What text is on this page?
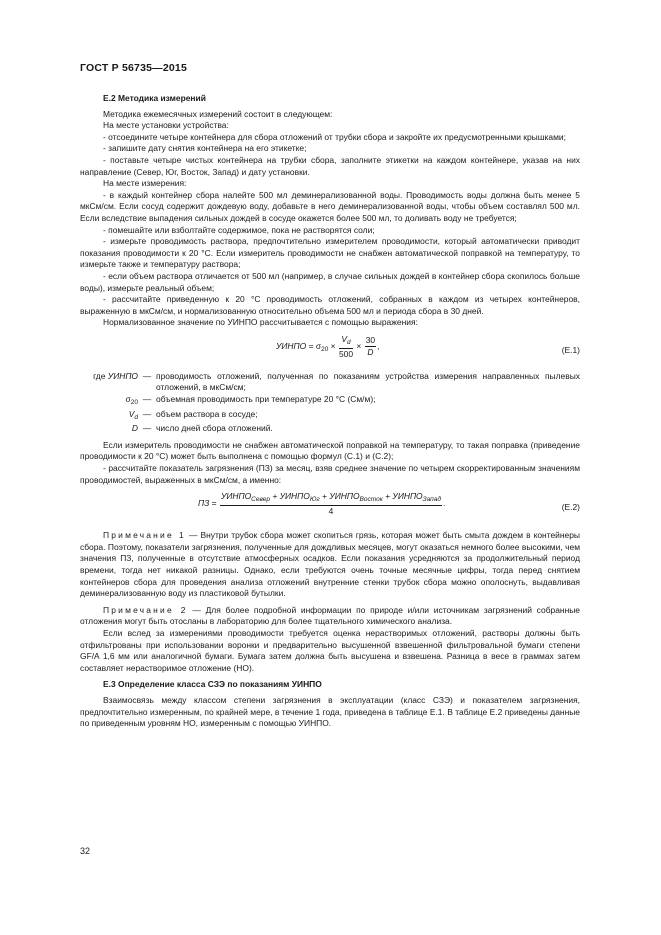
ГОСТ Р 56735—2015

Е.2 Методика измерений

Методика ежемесячных измерений состоит в следующем:

На месте установки устройства:

- отсоедините четыре контейнера для сбора отложений от трубки сбора и закройте их предусмотренными крышками;

- запишите дату снятия контейнера на его этикетке;

- поставьте четыре чистых контейнера на трубки сбора, заполните этикетки на каждом контейнере, указав на них направление (Север, Юг, Восток, Запад) и дату установки.

На месте измерения:

- в каждый контейнер сбора налейте 500 мл деминерализованной воды. Проводимость воды должна быть менее 5 мкСм/см. Если сосуд содержит дождевую воду, добавьте в него деминерализованной воды, чтобы объем составлял 500 мл. Если вследствие выпадения сильных дождей в сосуде окажется более 500 мл, то доливать воду не требуется;

- помешайте или взболтайте содержимое, пока не растворятся соли;

- измерьте проводимость раствора, предпочтительно измерителем проводимости, который автоматически приводит показания проводимости к 20 °С. Если измеритель проводимости не снабжен автоматической поправкой на температуру, то измерьте также и температуру раствора;

- если объем раствора отличается от 500 мл (например, в случае сильных дождей в контейнер сбора скопилось больше воды), измерьте реальный объем;

- рассчитайте приведенную к 20 °С проводимость отложений, собранных в каждом из четырех контейнеров, выраженную в мкСм/см, и нормализованную относительно объема 500 мл и периода сбора в 30 дней.

Нормализованное значение по УИНПО рассчитывается с помощью выражения:

УИНПО = $\sigma_{20} \times \frac{V_d}{500} \times \frac{30}{D}$ ,	(Е.1)
где УИНПО — проводимость отложений, полученная по показаниям устройства измерения направленных пылевых отложений, в мкСм/см;
$\sigma_{20}$ — объемная проводимость при температуре 20 °С (См/м);
$V_d$ — объем раствора в сосуде;
D — число дней сбора отложений.

Если измеритель проводимости не снабжен автоматической поправкой на температуру, то такая поправка (приведение проводимости к 20 °С) может быть выполнена с помощью формул (С.1) и (С.2);

- рассчитайте показатель загрязнения (ПЗ) за месяц, взяв среднее значение по четырем скорректированным значениям проводимостей, выраженных в мкСм/см, а именно:

ПЗ = $\frac{УИНПО_{Север} + УИНПО_{Юг} + УИНПО_{Восток} + УИНПО_{Запад}}{4}$ .	(Е.2)

Примечание 1 — Внутри трубок сбора может скопиться грязь, которая может быть смыта дождем в контейнеры сбора. Поэтому, показатели загрязнения, полученные для дождливых месяцев, могут оказаться немного более высокими, чем значения ПЗ, полученные в отсутствие атмосферных осадков. Если показания усредняются за продолжительный период времени, тогда нет никакой разницы. Однако, если требуются очень точные месячные цифры, тогда перед снятием контейнеров сбора для проведения анализа отложений внутренние стенки трубок сбора можно ополоснуть, выдавливая деминерализованную воду из пластиковой бутылки.

Примечание 2 — Для более подробной информации по природе и/или источникам загрязнений собранные отложения могут быть отосланы в лабораторию для более тщательного химического анализа.

Если вслед за измерениями проводимости требуется оценка нерастворимых отложений, растворы должны быть отфильтрованы при использовании воронки и предварительно высушенной взвешенной фильтровальной бумаги степени GF/A 1,6 мм или аналогичной бумаги. Бумага затем должна быть высушена и взвешена. Разница в весе в граммах затем составляет нерастворимое отложение (НО).

Е.3 Определение класса СЗЭ по показаниям УИНПО

Взаимосвязь между классом степени загрязнения в эксплуатации (класс СЗЭ) и показателем загрязнения, предпочтительно измеренным, по крайней мере, в течение 1 года, приведена в таблице Е.1. В таблице Е.2 приведены данные по приведенным уровням НО, измеренным с помощью УИНПО.

32
